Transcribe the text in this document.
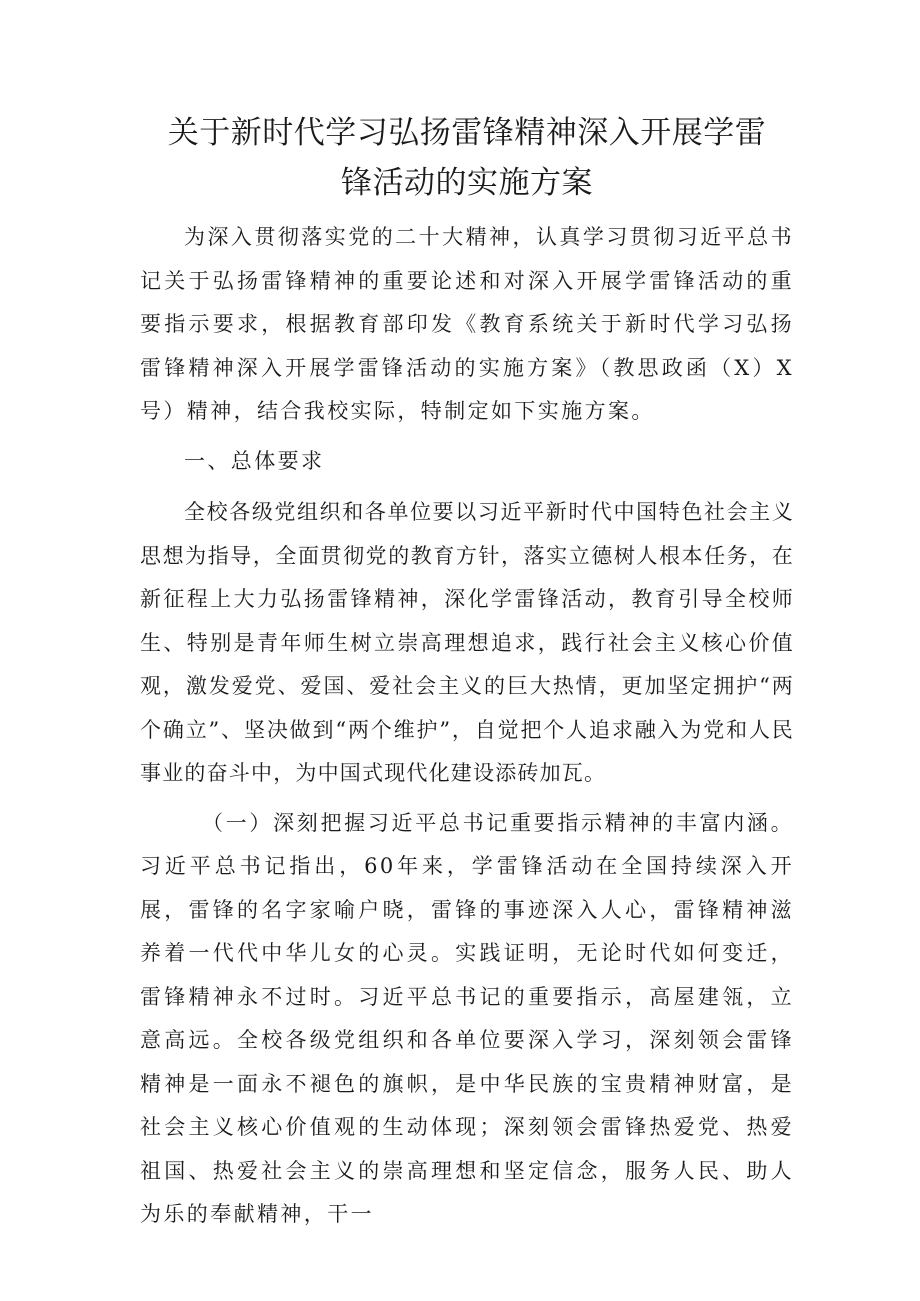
关于新时代学习弘扬雷锋精神深入开展学雷
锋活动的实施方案

为深入贯彻落实党的二十大精神，认真学习贯彻习近平总书记关于弘扬雷锋精神的重要论述和对深入开展学雷锋活动的重要指示要求，根据教育部印发《教育系统关于新时代学习弘扬雷锋精神深入开展学雷锋活动的实施方案》（教思政函（X）X号）精神，结合我校实际，特制定如下实施方案。

一、总体要求

全校各级党组织和各单位要以习近平新时代中国特色社会主义思想为指导，全面贯彻党的教育方针，落实立德树人根本任务，在新征程上大力弘扬雷锋精神，深化学雷锋活动，教育引导全校师生、特别是青年师生树立崇高理想追求，践行社会主义核心价值观，激发爱党、爱国、爱社会主义的巨大热情，更加坚定拥护“两个确立”、坚决做到“两个维护”，自觉把个人追求融入为党和人民事业的奋斗中，为中国式现代化建设添砖加瓦。

（一）深刻把握习近平总书记重要指示精神的丰富内涵。习近平总书记指出，60年来，学雷锋活动在全国持续深入开展，雷锋的名字家喻户晓，雷锋的事迹深入人心，雷锋精神滋养着一代代中华儿女的心灵。实践证明，无论时代如何变迁，雷锋精神永不过时。习近平总书记的重要指示，高屋建瓴，立意高远。全校各级党组织和各单位要深入学习，深刻领会雷锋精神是一面永不褪色的旗帜，是中华民族的宝贵精神财富，是社会主义核心价值观的生动体现；深刻领会雷锋热爱党、热爱祖国、热爱社会主义的崇高理想和坚定信念，服务人民、助人为乐的奉献精神，干一
